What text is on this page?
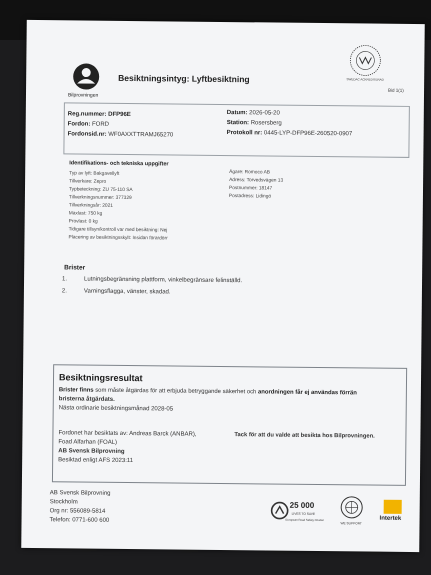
Bilprovningen
Besiktningsintyg: Lyftbesiktning
Bid 1(1)
SWEDAC ACKREDITERAD
Reg.nummer: DFP96E
Fordon: FORD
Fordonsid.nr: WF0AXXTTRAMJ65270
Datum: 2026-05-20
Station: Rosersberg
Protokoll nr: 0445-LYP-DFP96E-260520-0907
Identifikations- och tekniska uppgifter
Typ av lyft: Bakgavellyft
Tillverkare: Zepro
Typbeteckning: ZU 75-110 SA
Tillverkningsnummer: 377329
Tillverkningsår: 2021
Maxlast: 750 kg
Provlast: 0 kg
Tidigare tillsyn/kontroll var med besiktning: Nej
Placering av besiktningsskylt: Insidan förardörr
Ägare: Romoco AB
Adress: Torvedsvägen 13
Postnummer: 18147
Postadress: Lidingö
Brister
1.	Lutningsbegränsning plattform, vinkelbegränsare felinställd.
2.	Varningsflagga, vänster, skadad.
Besiktningsresultat
Brister finns som måste åtgärdas för att erbjuda betryggande säkerhet och anordningen får ej användas förrän
bristerna åtgärdats.
Nästa ordinarie besiktningsmånad 2028-05
Fordonet har besiktats av: Andreas Barck (ANBAR),
Foad Alfarhan (FOAL)
AB Svensk Bilprovning
Besiktad enligt AFS 2023:11
Tack för att du valde att besikta hos Bilprovningen.
AB Svensk Bilprovning
Stockholm
Org nr: 556089-5814
Telefon: 0771-600 600
25 000
LIVES TO SAVE
European Road Safety Charter
WE SUPPORT
Intertek
